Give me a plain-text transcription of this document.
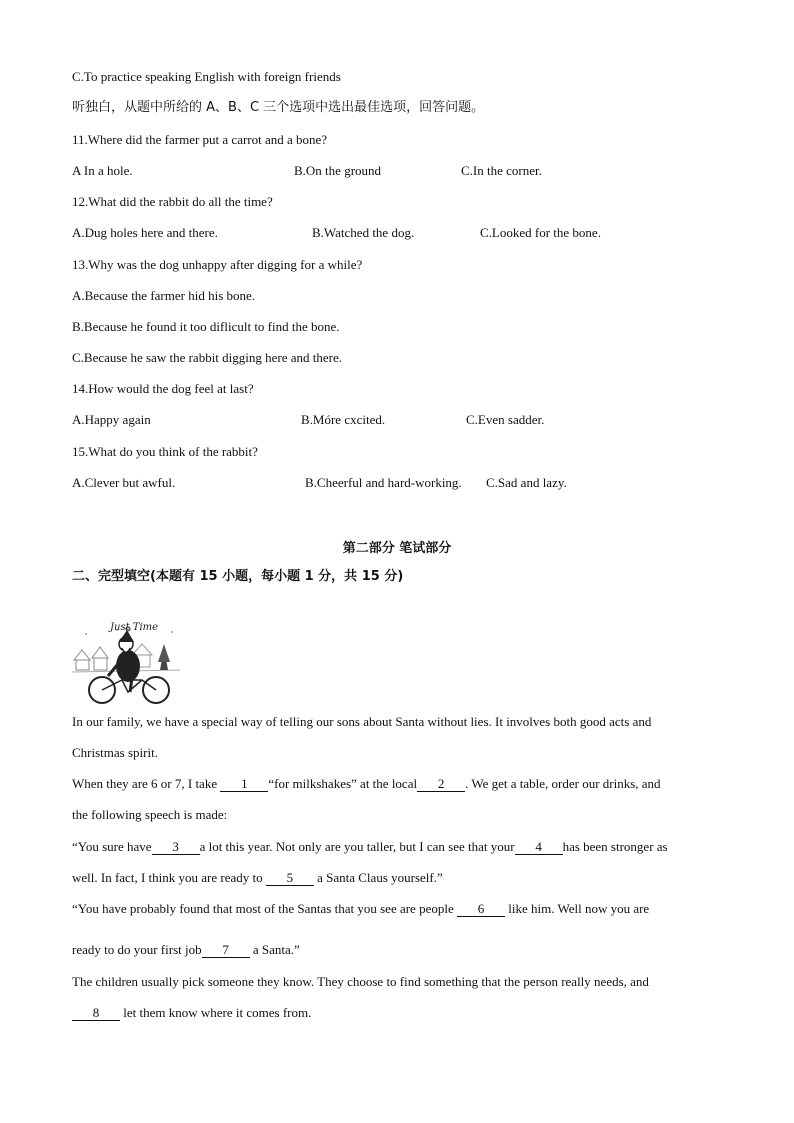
C.To practice speaking English with foreign friends
听独白，从题中所给的 A、B、C 三个选项中选出最佳选项，回答问题。
11.Where did the farmer put a carrot and a bone?
A In a hole.	B.On the ground	C.In the corner.
12.What did the rabbit do all the time?
A.Dug holes here and there.	B.Watched the dog.	C.Looked for the bone.
13.Why was the dog unhappy after digging for a while?
A.Because the farmer hid his bone.
B.Because he found it too diflicult to find the bone.
C.Because he saw the rabbit digging here and there.
14.How would the dog feel at last?
A.Happy again	B.Móre cxcited.	C.Even sadder.
15.What do you think of the rabbit?
A.Clever but awful.	B.Cheerful and hard-working. C.Sad and lazy.
第二部分 笔试部分
二、完型填空(本题有 15 小题，每小题 1 分，共 15 分)
Just Time
In our family, we have a special way of telling our sons about Santa without lies. It involves both good acts and
Christmas spirit.
When they are 6 or 7, I take 1 “for milkshakes” at the local 2 . We get a table, order our drinks, and
the following speech is made:
“You sure have 3 a lot this year. Not only are you taller, but I can see that your 4 has been stronger as
well. In fact, I think you are ready to 5 a Santa Claus yourself.”
“You have probably found that most of the Santas that you see are people 6 like him. Well now you are
ready to do your first job 7 a Santa.”
The children usually pick someone they know. They choose to find something that the person really needs, and
8 let them know where it comes from.
